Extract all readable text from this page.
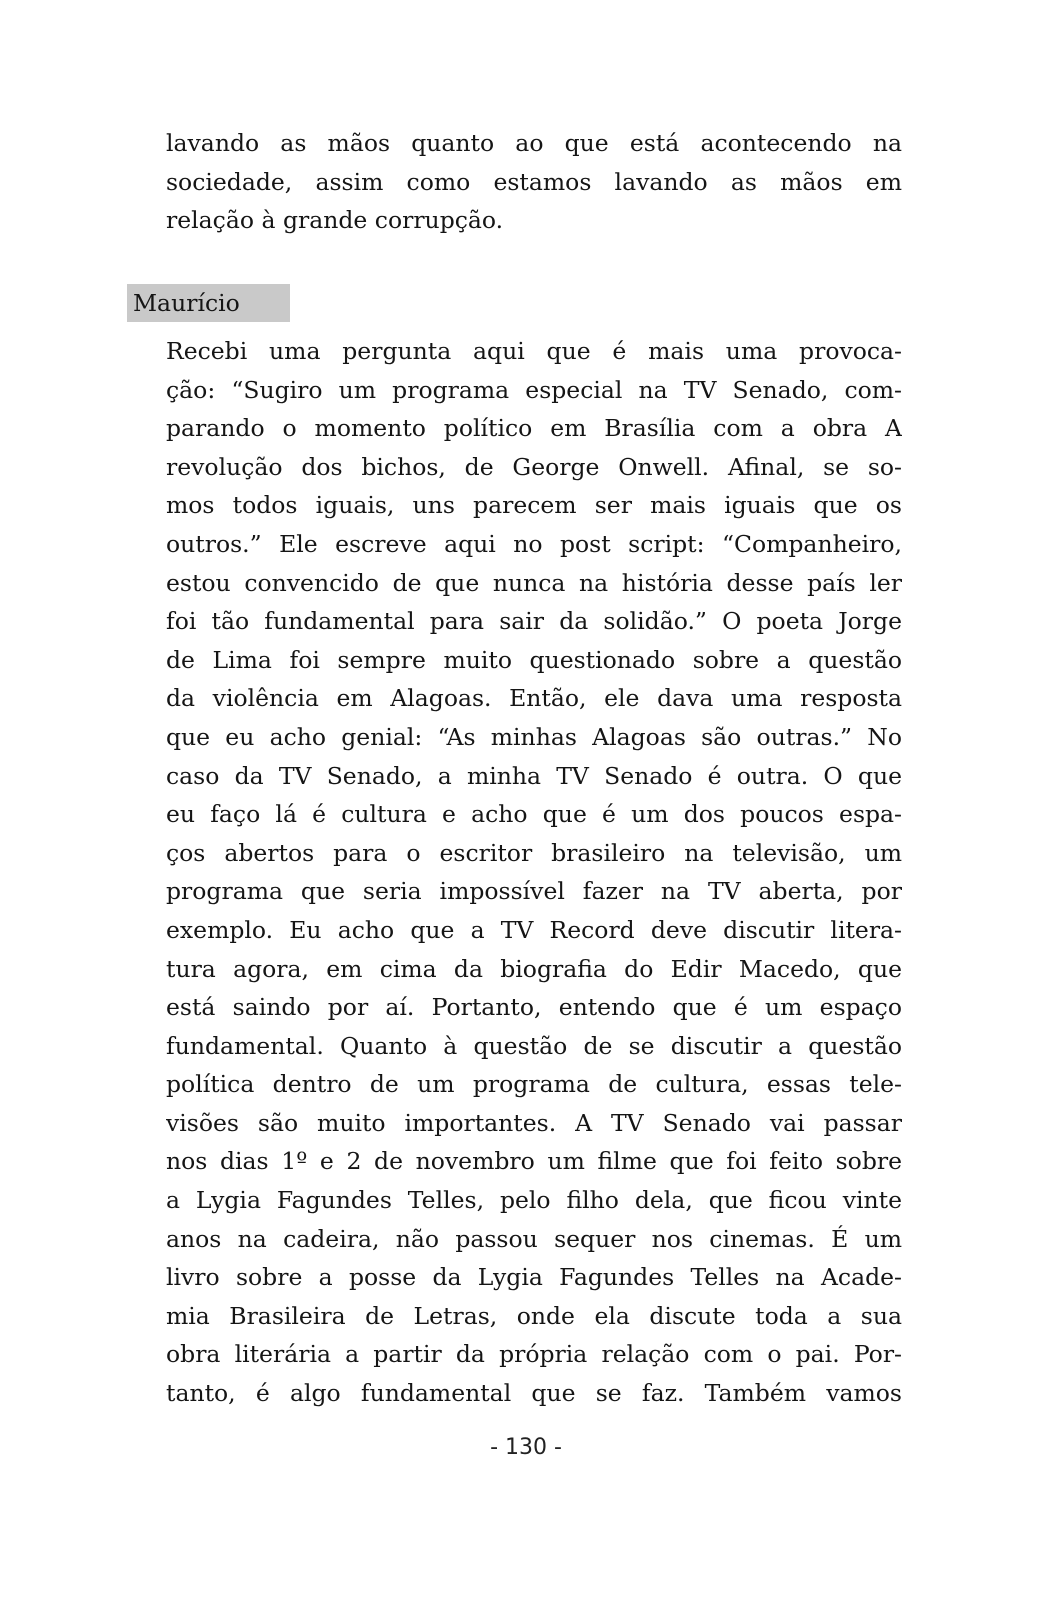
lavando as mãos quanto ao que está acontecendo na
sociedade, assim como estamos lavando as mãos em
relação à grande corrupção.
Maurício
Recebi uma pergunta aqui que é mais uma provoca-
ção: “Sugiro um programa especial na TV Senado, com-
parando o momento político em Brasília com a obra A
revolução dos bichos, de George Onwell. Afinal, se so-
mos todos iguais, uns parecem ser mais iguais que os
outros.” Ele escreve aqui no post script: “Companheiro,
estou convencido de que nunca na história desse país ler
foi tão fundamental para sair da solidão.” O poeta Jorge
de Lima foi sempre muito questionado sobre a questão
da violência em Alagoas. Então, ele dava uma resposta
que eu acho genial: “As minhas Alagoas são outras.” No
caso da TV Senado, a minha TV Senado é outra. O que
eu faço lá é cultura e acho que é um dos poucos espa-
ços abertos para o escritor brasileiro na televisão, um
programa que seria impossível fazer na TV aberta, por
exemplo. Eu acho que a TV Record deve discutir litera-
tura agora, em cima da biografia do Edir Macedo, que
está saindo por aí. Portanto, entendo que é um espaço
fundamental. Quanto à questão de se discutir a questão
política dentro de um programa de cultura, essas tele-
visões são muito importantes. A TV Senado vai passar
nos dias 1º e 2 de novembro um filme que foi feito sobre
a Lygia Fagundes Telles, pelo filho dela, que ficou vinte
anos na cadeira, não passou sequer nos cinemas. É um
livro sobre a posse da Lygia Fagundes Telles na Acade-
mia Brasileira de Letras, onde ela discute toda a sua
obra literária a partir da própria relação com o pai. Por-
tanto, é algo fundamental que se faz. Também vamos
- 130 -
